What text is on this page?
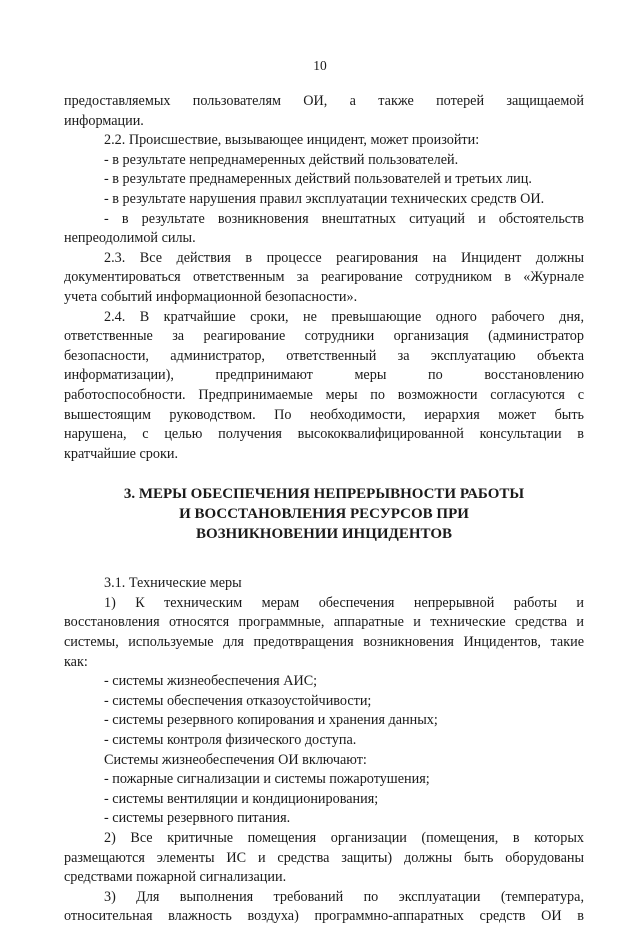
10

предоставляемых пользователям ОИ, а также потерей защищаемой

информации.

2.2. Происшествие, вызывающее инцидент, может произойти:

- в результате непреднамеренных действий пользователей.

- в результате преднамеренных действий пользователей и третьих лиц.

- в результате нарушения правил эксплуатации технических средств ОИ.

- в результате возникновения внештатных ситуаций и обстоятельств

непреодолимой силы.

2.3. Все действия в процессе реагирования на Инцидент должны

документироваться ответственным за реагирование сотрудником в «Журнале

учета событий информационной безопасности».

2.4. В кратчайшие сроки, не превышающие одного рабочего дня,

ответственные за реагирование сотрудники организация (администратор

безопасности, администратор, ответственный за эксплуатацию объекта

информатизации), предпринимают меры по восстановлению

работоспособности. Предпринимаемые меры по возможности согласуются с

вышестоящим руководством. По необходимости, иерархия может быть

нарушена, с целью получения высококвалифицированной консультации в

кратчайшие сроки.

3. МЕРЫ ОБЕСПЕЧЕНИЯ НЕПРЕРЫВНОСТИ РАБОТЫ
И ВОССТАНОВЛЕНИЯ РЕСУРСОВ ПРИ
ВОЗНИКНОВЕНИИ ИНЦИДЕНТОВ

3.1. Технические меры

1) К техническим мерам обеспечения непрерывной работы и

восстановления относятся программные, аппаратные и технические средства и

системы, используемые для предотвращения возникновения Инцидентов, такие

как:

- системы жизнеобеспечения АИС;

- системы обеспечения отказоустойчивости;

- системы резервного копирования и хранения данных;

- системы контроля физического доступа.

Системы жизнеобеспечения ОИ включают:

- пожарные сигнализации и системы пожаротушения;

- системы вентиляции и кондиционирования;

- системы резервного питания.

2) Все критичные помещения организации (помещения, в которых

размещаются элементы ИС и средства защиты) должны быть оборудованы

средствами пожарной сигнализации.

3) Для выполнения требований по эксплуатации (температура,

относительная влажность воздуха) программно-аппаратных средств ОИ в
